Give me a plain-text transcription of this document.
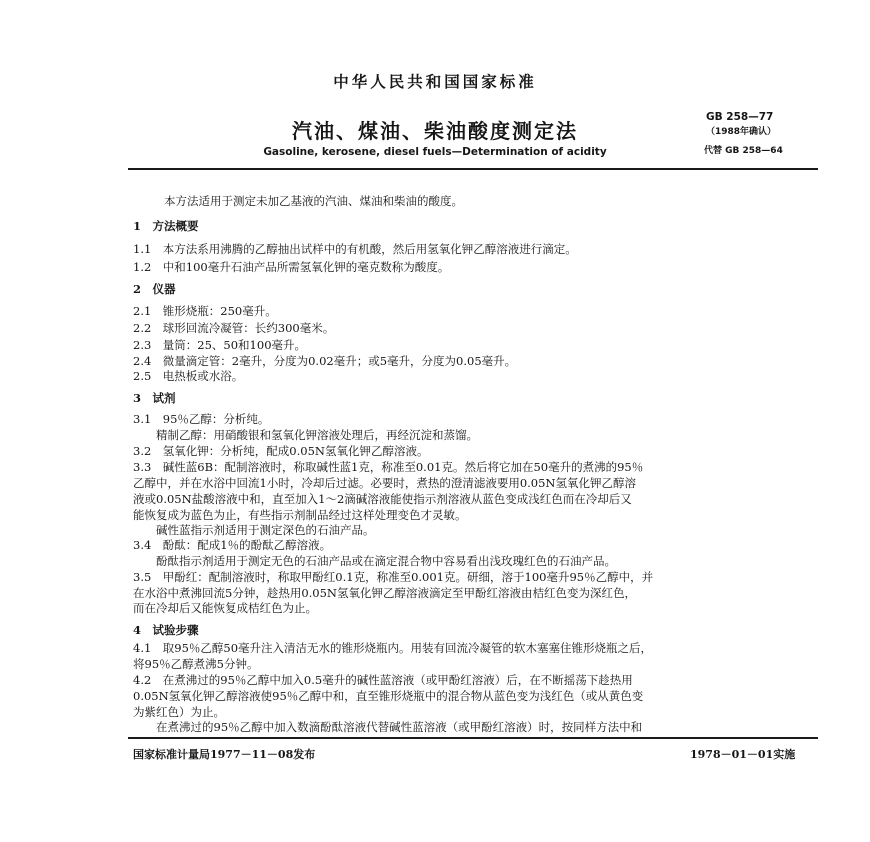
中华人民共和国国家标准
汽油、煤油、柴油酸度测定法
Gasoline, kerosene, diesel fuels—Determination of acidity
GB 258—77
（1988年确认）
代替 GB 258—64
本方法适用于测定未加乙基液的汽油、煤油和柴油的酸度。
1　方法概要
1.1　本方法系用沸腾的乙醇抽出试样中的有机酸，然后用氢氧化钾乙醇溶液进行滴定。
1.2　中和100毫升石油产品所需氢氧化钾的毫克数称为酸度。
2　仪器
2.1　锥形烧瓶：250毫升。
2.2　球形回流冷凝管：长约300毫米。
2.3　量筒：25、50和100毫升。
2.4　微量滴定管：2毫升，分度为0.02毫升；或5毫升，分度为0.05毫升。
2.5　电热板或水浴。
3　试剂
3.1　95％乙醇：分析纯。
精制乙醇：用硝酸银和氢氧化钾溶液处理后，再经沉淀和蒸馏。
3.2　氢氧化钾：分析纯，配成0.05N氢氧化钾乙醇溶液。
3.3　碱性蓝6B：配制溶液时，称取碱性蓝1克，称准至0.01克。然后将它加在50毫升的煮沸的95％
乙醇中，并在水浴中回流1小时，冷却后过滤。必要时，煮热的澄清滤液要用0.05N氢氧化钾乙醇溶
液或0.05N盐酸溶液中和，直至加入1～2滴碱溶液能使指示剂溶液从蓝色变成浅红色而在冷却后又
能恢复成为蓝色为止，有些指示剂制品经过这样处理变色才灵敏。
碱性蓝指示剂适用于测定深色的石油产品。
3.4　酚酞：配成1％的酚酞乙醇溶液。
酚酞指示剂适用于测定无色的石油产品或在滴定混合物中容易看出浅玫瑰红色的石油产品。
3.5　甲酚红：配制溶液时，称取甲酚红0.1克，称准至0.001克。研细，溶于100毫升95％乙醇中，并
在水浴中煮沸回流5分钟，趁热用0.05N氢氧化钾乙醇溶液滴定至甲酚红溶液由桔红色变为深红色，
而在冷却后又能恢复成桔红色为止。
4　试验步骤
4.1　取95％乙醇50毫升注入清洁无水的锥形烧瓶内。用装有回流冷凝管的软木塞塞住锥形烧瓶之后，
将95％乙醇煮沸5分钟。
4.2　在煮沸过的95％乙醇中加入0.5毫升的碱性蓝溶液（或甲酚红溶液）后，在不断摇荡下趁热用
0.05N氢氧化钾乙醇溶液使95％乙醇中和，直至锥形烧瓶中的混合物从蓝色变为浅红色（或从黄色变
为紫红色）为止。
在煮沸过的95％乙醇中加入数滴酚酞溶液代替碱性蓝溶液（或甲酚红溶液）时，按同样方法中和
国家标准计量局1977－11－08发布	1978－01－01实施
